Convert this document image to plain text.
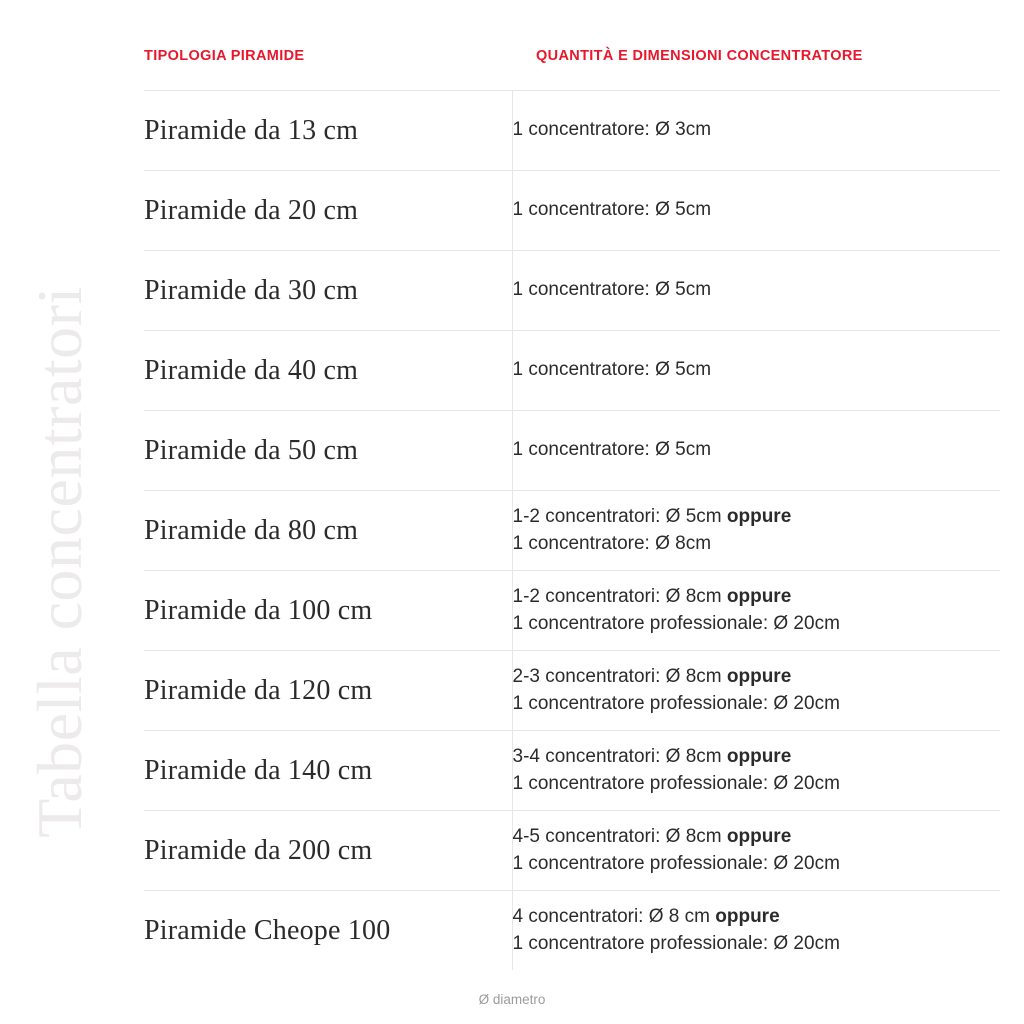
Tabella concentratori
TIPOLOGIA PIRAMIDE	QUANTITÀ E DIMENSIONI CONCENTRATORE
Piramide da 13 cm	1 concentratore: Ø 3cm
Piramide da 20 cm	1 concentratore: Ø 5cm
Piramide da 30 cm	1 concentratore: Ø 5cm
Piramide da 40 cm	1 concentratore: Ø 5cm
Piramide da 50 cm	1 concentratore: Ø 5cm
Piramide da 80 cm	1-2 concentratori: Ø 5cm oppure
1 concentratore: Ø 8cm

Piramide da 100 cm	1-2 concentratori: Ø 8cm oppure
1 concentratore professionale: Ø 20cm

Piramide da 120 cm	2-3 concentratori: Ø 8cm oppure
1 concentratore professionale: Ø 20cm

Piramide da 140 cm	3-4 concentratori: Ø 8cm oppure
1 concentratore professionale: Ø 20cm

Piramide da 200 cm	4-5 concentratori: Ø 8cm oppure
1 concentratore professionale: Ø 20cm

Piramide Cheope 100	4 concentratori: Ø 8 cm oppure
1 concentratore professionale: Ø 20cm
Ø diametro
